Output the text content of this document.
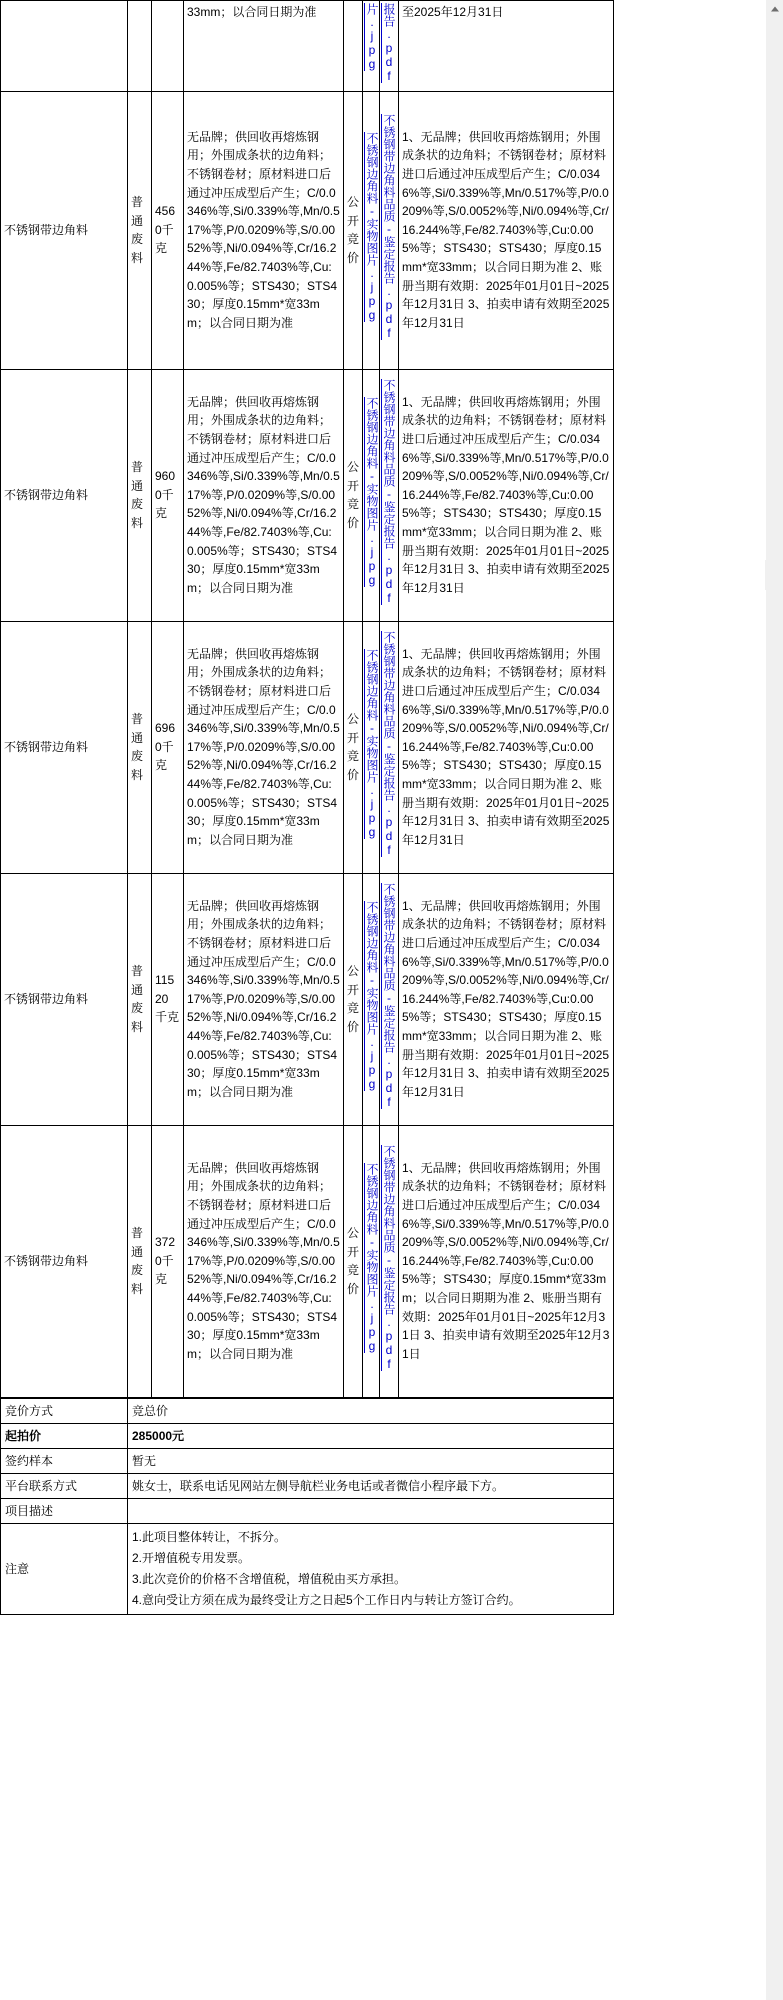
			33mm；以合同日期为准		片.jpg	报告.pdf	至2025年12月31日
不锈钢带边角料	普通废料	4560千克	无品牌；供回收再熔炼钢用；外围成条状的边角料；不锈钢卷材；原材料进口后通过冲压成型后产生；C/0.0346%等,Si/0.339%等,Mn/0.517%等,P/0.0209%等,S/0.0052%等,Ni/0.094%等,Cr/16.244%等,Fe/82.7403%等,Cu:0.005%等；STS430；STS430；厚度0.15mm*宽33mm；以合同日期为准	公开竞价	不锈钢边角料-实物图片.jpg	不锈钢带边角料品质-鉴定报告.pdf	1、无品牌；供回收再熔炼钢用；外围成条状的边角料；不锈钢卷材；原材料进口后通过冲压成型后产生；C/0.0346%等,Si/0.339%等,Mn/0.517%等,P/0.0209%等,S/0.0052%等,Ni/0.094%等,Cr/16.244%等,Fe/82.7403%等,Cu:0.005%等；STS430；STS430；厚度0.15mm*宽33mm；以合同日期为准 2、账册当期有效期：2025年01月01日~2025年12月31日 3、拍卖申请有效期至2025年12月31日
不锈钢带边角料	普通废料	9600千克	无品牌；供回收再熔炼钢用；外围成条状的边角料；不锈钢卷材；原材料进口后通过冲压成型后产生；C/0.0346%等,Si/0.339%等,Mn/0.517%等,P/0.0209%等,S/0.0052%等,Ni/0.094%等,Cr/16.244%等,Fe/82.7403%等,Cu:0.005%等；STS430；STS430；厚度0.15mm*宽33mm；以合同日期为准	公开竞价	不锈钢边角料-实物图片.jpg	不锈钢带边角料品质-鉴定报告.pdf	1、无品牌；供回收再熔炼钢用；外围成条状的边角料；不锈钢卷材；原材料进口后通过冲压成型后产生；C/0.0346%等,Si/0.339%等,Mn/0.517%等,P/0.0209%等,S/0.0052%等,Ni/0.094%等,Cr/16.244%等,Fe/82.7403%等,Cu:0.005%等；STS430；STS430；厚度0.15mm*宽33mm；以合同日期为准 2、账册当期有效期：2025年01月01日~2025年12月31日 3、拍卖申请有效期至2025年12月31日
不锈钢带边角料	普通废料	6960千克	无品牌；供回收再熔炼钢用；外围成条状的边角料；不锈钢卷材；原材料进口后通过冲压成型后产生；C/0.0346%等,Si/0.339%等,Mn/0.517%等,P/0.0209%等,S/0.0052%等,Ni/0.094%等,Cr/16.244%等,Fe/82.7403%等,Cu:0.005%等；STS430；STS430；厚度0.15mm*宽33mm；以合同日期为准	公开竞价	不锈钢边角料-实物图片.jpg	不锈钢带边角料品质-鉴定报告.pdf	1、无品牌；供回收再熔炼钢用；外围成条状的边角料；不锈钢卷材；原材料进口后通过冲压成型后产生；C/0.0346%等,Si/0.339%等,Mn/0.517%等,P/0.0209%等,S/0.0052%等,Ni/0.094%等,Cr/16.244%等,Fe/82.7403%等,Cu:0.005%等；STS430；STS430；厚度0.15mm*宽33mm；以合同日期为准 2、账册当期有效期：2025年01月01日~2025年12月31日 3、拍卖申请有效期至2025年12月31日
不锈钢带边角料	普通废料	11520千克	无品牌；供回收再熔炼钢用；外围成条状的边角料；不锈钢卷材；原材料进口后通过冲压成型后产生；C/0.0346%等,Si/0.339%等,Mn/0.517%等,P/0.0209%等,S/0.0052%等,Ni/0.094%等,Cr/16.244%等,Fe/82.7403%等,Cu:0.005%等；STS430；STS430；厚度0.15mm*宽33mm；以合同日期为准	公开竞价	不锈钢边角料-实物图片.jpg	不锈钢带边角料品质-鉴定报告.pdf	1、无品牌；供回收再熔炼钢用；外围成条状的边角料；不锈钢卷材；原材料进口后通过冲压成型后产生；C/0.0346%等,Si/0.339%等,Mn/0.517%等,P/0.0209%等,S/0.0052%等,Ni/0.094%等,Cr/16.244%等,Fe/82.7403%等,Cu:0.005%等；STS430；STS430；厚度0.15mm*宽33mm；以合同日期为准 2、账册当期有效期：2025年01月01日~2025年12月31日 3、拍卖申请有效期至2025年12月31日
不锈钢带边角料	普通废料	3720千克	无品牌；供回收再熔炼钢用；外围成条状的边角料；不锈钢卷材；原材料进口后通过冲压成型后产生；C/0.0346%等,Si/0.339%等,Mn/0.517%等,P/0.0209%等,S/0.0052%等,Ni/0.094%等,Cr/16.244%等,Fe/82.7403%等,Cu:0.005%等；STS430；STS430；厚度0.15mm*宽33mm；以合同日期为准	公开竞价	不锈钢边角料-实物图片.jpg	不锈钢带边角料品质-鉴定报告.pdf	1、无品牌；供回收再熔炼钢用；外围成条状的边角料；不锈钢卷材；原材料进口后通过冲压成型后产生；C/0.0346%等,Si/0.339%等,Mn/0.517%等,P/0.0209%等,S/0.0052%等,Ni/0.094%等,Cr/16.244%等,Fe/82.7403%等,Cu:0.005%等；STS430；厚度0.15mm*宽33mm；以合同日期期为准 2、账册当期有效期：2025年01月01日~2025年12月31日 3、拍卖申请有效期至2025年12月31日
竞价方式	竞总价
起拍价	285000元
签约样本	暂无
平台联系方式	姚女士，联系电话见网站左侧导航栏业务电话或者微信小程序最下方。
项目描述	
注意	
1.此项目整体转让，不拆分。
2.开增值税专用发票。
3.此次竞价的价格不含增值税，增值税由买方承担。
4.意向受让方须在成为最终受让方之日起5个工作日内与转让方签订合约。
